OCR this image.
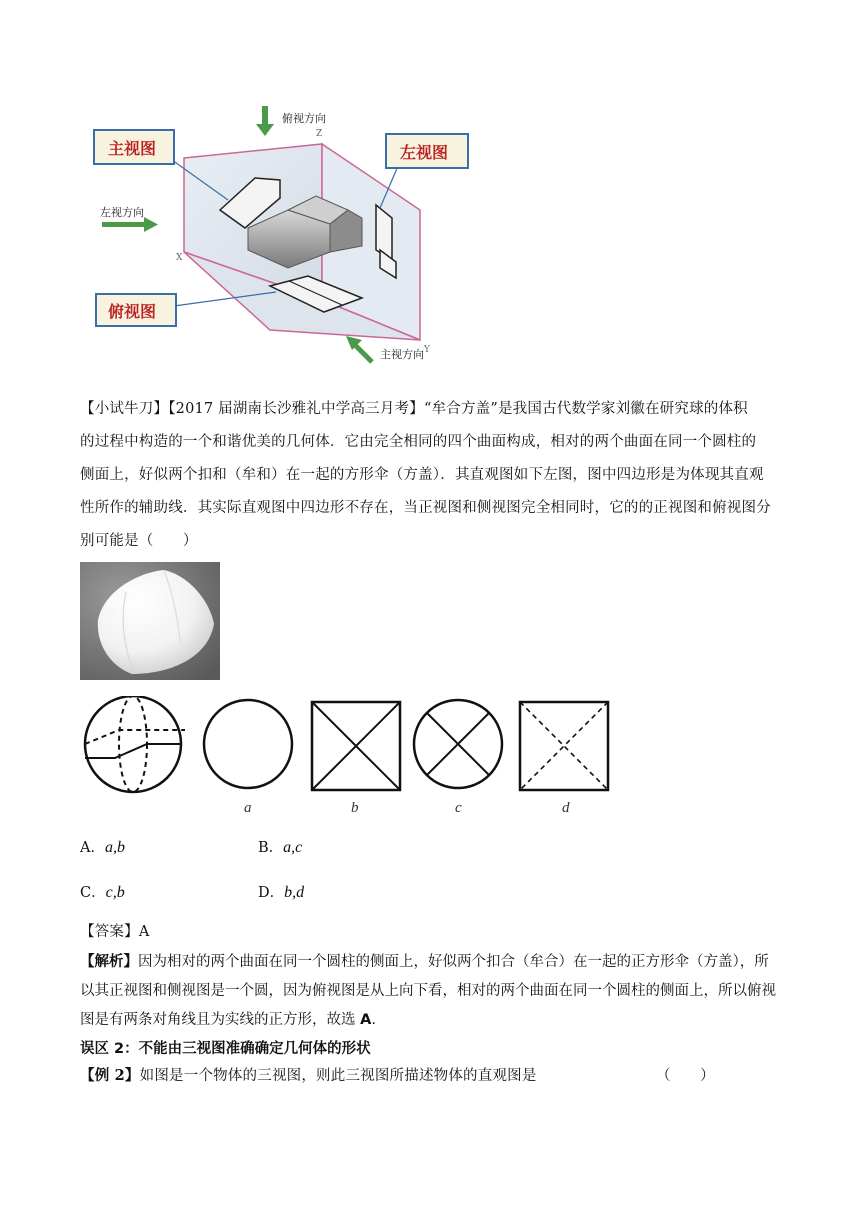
Z
Y
X
俯视方向
左视方向
主视方向
主视图	左视图
俯视图
【小试牛刀】【2017 届湖南长沙雅礼中学高三月考】“牟合方盖”是我国古代数学家刘徽在研究球的体积
的过程中构造的一个和谐优美的几何体．它由完全相同的四个曲面构成，相对的两个曲面在同一个圆柱的
侧面上，好似两个扣和（牟和）在一起的方形伞（方盖）．其直观图如下左图，图中四边形是为体现其直观
性所作的辅助线．其实际直观图中四边形不存在，当正视图和侧视图完全相同时，它的的正视图和俯视图分
别可能是（　　）
a	b	c	d
A．a,b	B．a,c
C．c,b	D．b,d
【答案】A
【解析】因为相对的两个曲面在同一个圆柱的侧面上，好似两个扣合（牟合）在一起的正方形伞（方盖），所
以其正视图和侧视图是一个圆，因为俯视图是从上向下看，相对的两个曲面在同一个圆柱的侧面上，所以俯视
图是有两条对角线且为实线的正方形，故选 A.
误区 2：不能由三视图准确确定几何体的形状
【例 2】如图是一个物体的三视图，则此三视图所描述物体的直观图是	（　　）
